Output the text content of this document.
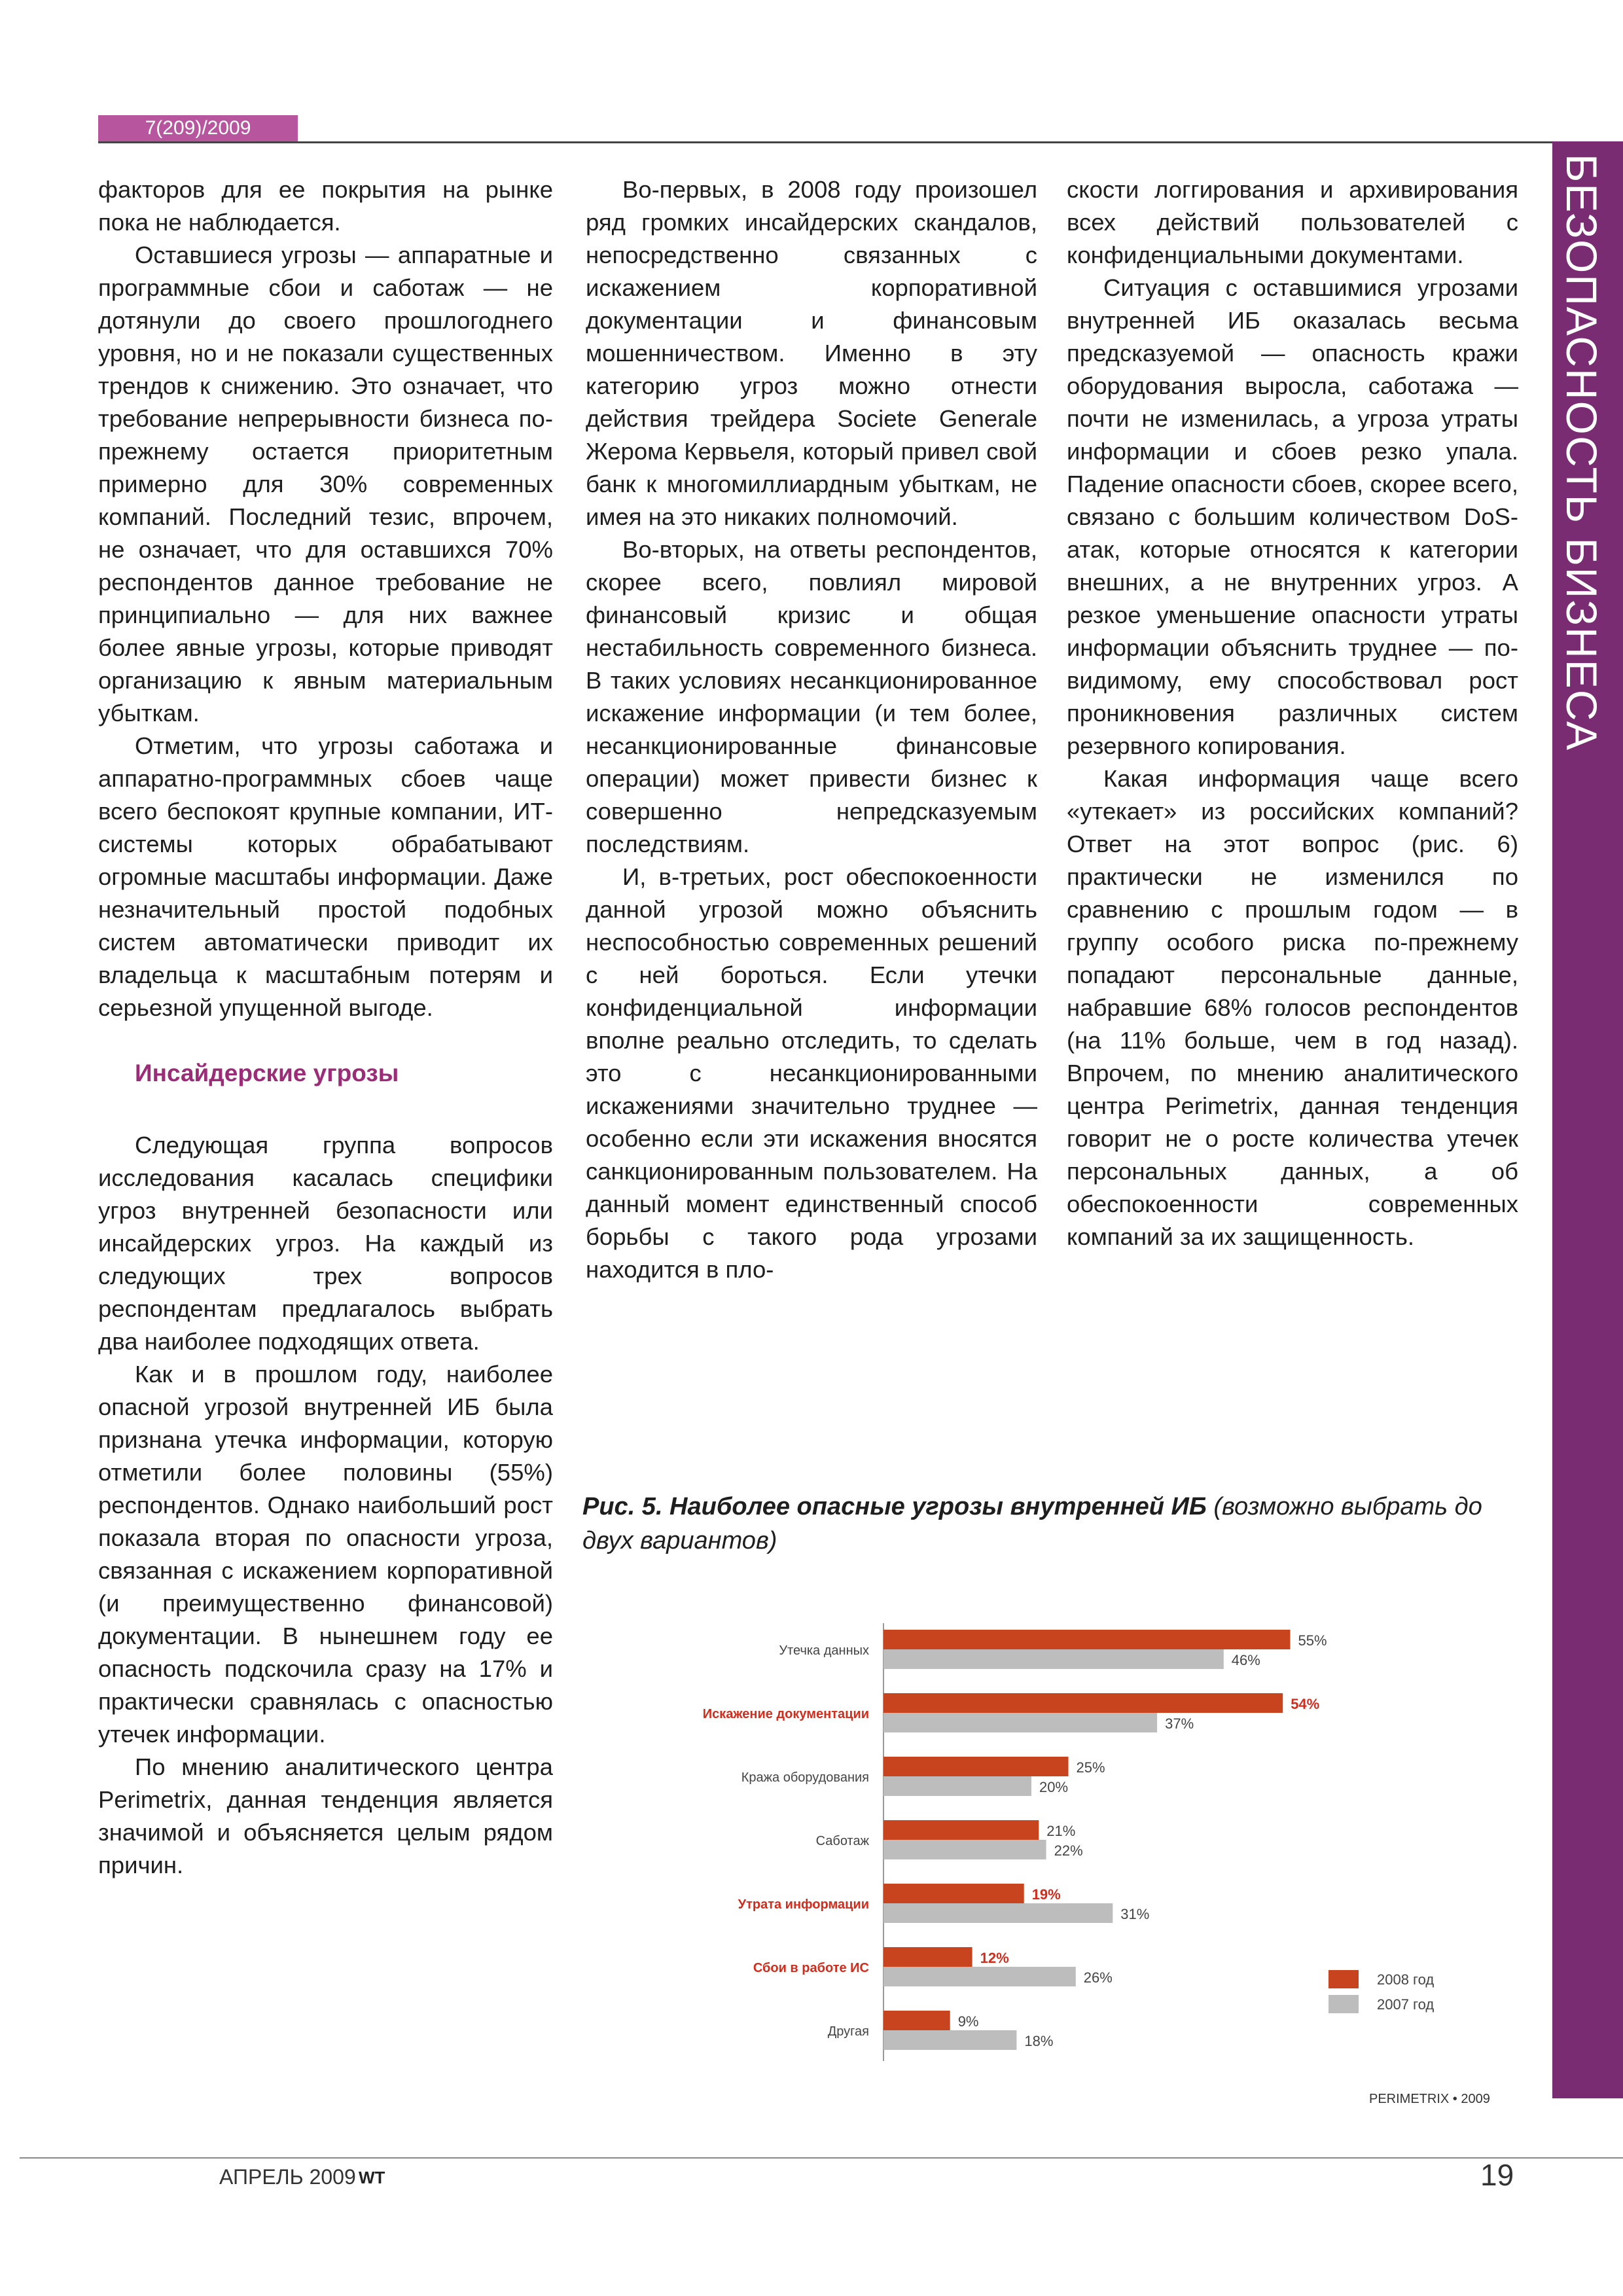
7(209)/2009
БЕЗОПАСНОСТЬ БИЗНЕСА

факторов для ее покрытия на рынке пока не наблюдается.

Оставшиеся угрозы — аппаратные и программные сбои и саботаж — не дотянули до своего прошлогоднего уровня, но и не показали существенных трендов к снижению. Это означает, что требование непрерывности бизнеса по-прежнему остается приоритетным примерно для 30% современных компаний. Последний тезис, впрочем, не означает, что для оставшихся 70% респондентов данное требование не принципиально — для них важнее более явные угрозы, которые приводят организацию к явным материальным убыткам.

Отметим, что угрозы саботажа и аппаратно-программных сбоев чаще всего беспокоят крупные компании, ИТ-системы которых обрабатывают огромные масштабы информации. Даже незначительный простой подобных систем автоматически приводит их владельца к масштабным потерям и серьезной упущенной выгоде.

Инсайдерские угрозы

Следующая группа вопросов исследования касалась специфики угроз внутренней безопасности или инсайдерских угроз. На каждый из следующих трех вопросов респондентам предлагалось выбрать два наиболее подходящих ответа.

Как и в прошлом году, наиболее опасной угрозой внутренней ИБ была признана утечка информации, которую отметили более половины (55%) респондентов. Однако наибольший рост показала вторая по опасности угроза, связанная с искажением корпоративной (и преимущественно финансовой) документации. В нынешнем году ее опасность подскочила сразу на 17% и практически сравнялась с опасностью утечек информации.

По мнению аналитического центра Perimetrix, данная тенденция является значимой и объясняется целым рядом причин.

Во-первых, в 2008 году произошел ряд громких инсайдерских скандалов, непосредственно связанных с искажением корпоративной документации и финансовым мошенничеством. Именно в эту категорию угроз можно отнести действия трейдера Societe Generale Жерома Кервьеля, который привел свой банк к многомиллиардным убыткам, не имея на это никаких полномочий.

Во-вторых, на ответы респондентов, скорее всего, повлиял мировой финансовый кризис и общая нестабильность современного бизнеса. В таких условиях несанкционированное искажение информации (и тем более, несанкционированные финансовые операции) может привести бизнес к совершенно непредсказуемым последствиям.

И, в-третьих, рост обеспокоенности данной угрозой можно объяснить неспособностью современных решений с ней бороться. Если утечки конфиденциальной информации вполне реально отследить, то сделать это с несанкционированными искажениями значительно труднее — особенно если эти искажения вносятся санкционированным пользователем. На данный момент единственный способ борьбы с такого рода угрозами находится в пло-

скости логгирования и архивирования всех действий пользователей с конфиденциальными документами.

Ситуация с оставшимися угрозами внутренней ИБ оказалась весьма предсказуемой — опасность кражи оборудования выросла, саботажа — почти не изменилась, а угроза утраты информации и сбоев резко упала. Падение опасности сбоев, скорее всего, связано с большим количеством DoS-атак, которые относятся к категории внешних, а не внутренних угроз. А резкое уменьшение опасности утраты информации объяснить труднее — по-видимому, ему способствовал рост проникновения различных систем резервного копирования.

Какая информация чаще всего «утекает» из российских компаний? Ответ на этот вопрос (рис. 6) практически не изменился по сравнению с прошлым годом — в группу особого риска по-прежнему попадают персональные данные, набравшие 68% голосов респондентов (на 11% больше, чем в год назад). Впрочем, по мнению аналитического центра Perimetrix, данная тенденция говорит не о росте количества утечек персональных данных, а об обеспокоенности современных компаний за их защищенность.

Рис. 5. Наиболее опасные угрозы внутренней ИБ (возможно выбрать до двух вариантов)
Утечка данных
55%
46%
Искажение документации
54%
37%
Кража оборудования
25%
20%
Саботаж
21%
22%
Утрата информации
19%
31%
Сбои в работе ИС
12%
26%
Другая
9%
18%
2008 год
2007 год
PERIMETRIX • 2009
АПРЕЛЬ 2009 WT	19
